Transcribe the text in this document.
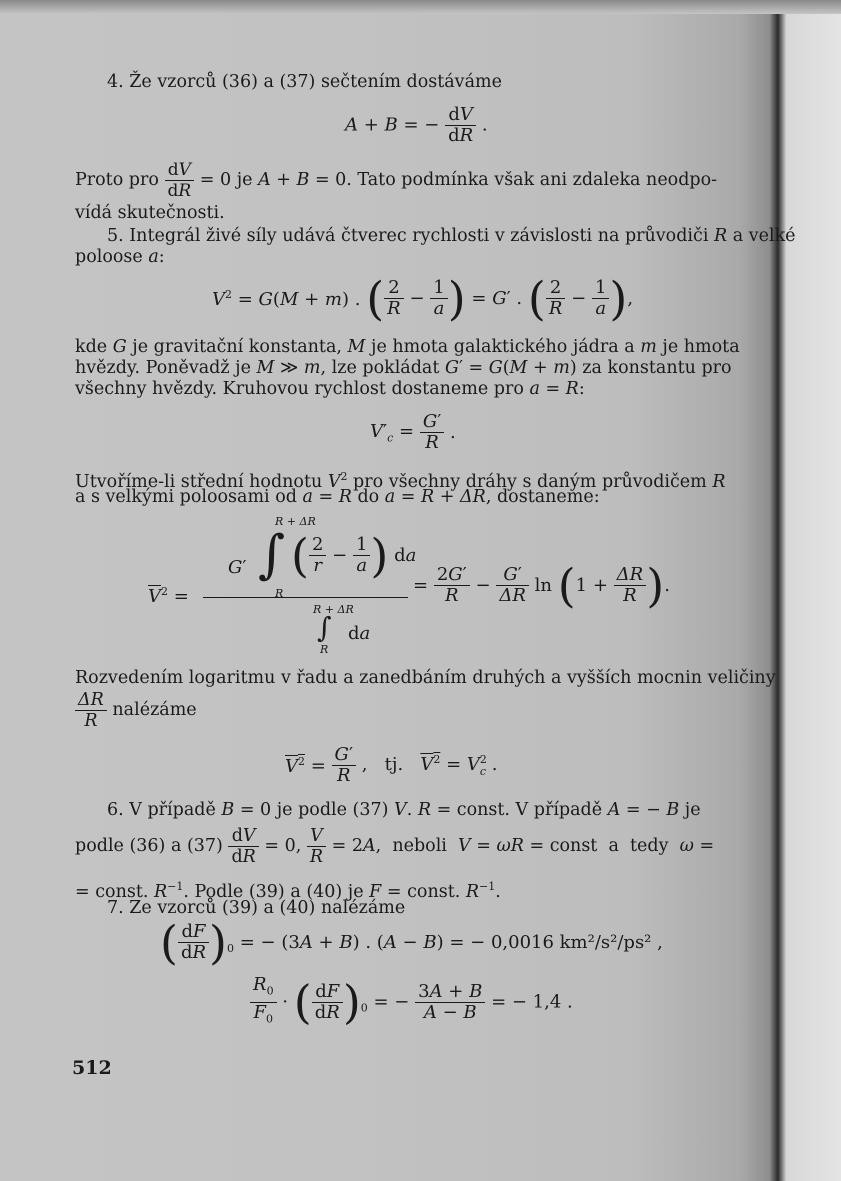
4. Že vzorců (36) a (37) sečtením dostáváme
A + B = − $\frac{dV}{dR}$ .
Proto pro $\frac{dV}{dR} = 0$ je A + B = 0. Tato podmínka však ani zdaleka neodpo-
vídá skutečnosti.
5. Integrál živé síly udává čtverec rychlosti v závislosti na průvodiči R a velké
poloose a:
$V^2 = G(M + m)$ . ( $\frac{2}{R} - \frac{1}{a}$ ) = G′ . ( $\frac{2}{R} - \frac{1}{a}$ ),
kde G je gravitační konstanta, M je hmota galaktického jádra a m je hmota
hvězdy. Poněvadž je M ≫ m, lze pokládat G′ = G(M + m) za konstantu pro
všechny hvězdy. Kruhovou rychlost dostaneme pro a = R:
$V'_c = \frac{G'}{R}$ .
Utvoříme-li střední hodnotu $V^2$ pro všechny dráhy s daným průvodičem R
a s velkými poloosami od a = R do a = R + ΔR, dostaneme:
$\overline{V}^2$ =
R + ΔR
G′ ∫
R
( $\frac{2}{r} - \frac{1}{a}$ ) da
R + ΔR
∫
R
da
= $\frac{2G'}{R} - \frac{G'}{\Delta R}$ $\ln (1 + \frac{\Delta R}{R}$ ).
Rozvedením logaritmu v řadu a zanedbáním druhých a vyšších mocnin veličiny
$\frac{\Delta R}{R}$ nalézáme
$V^2 = \frac{G'}{R}$ ,   tj.   $V^2 = V^2_c$ .
6. V případě B = 0 je podle (37) V. R = const. V případě A = − B je
podle (36) a $(37) \frac{dV}{dR} = 0$, $\frac{V}{R} = 2A$,  neboli  V = ωR = const  a  tedy  ω =
= const. $R^{-1}$. Podle (39) a (40) je F = const. $R^{-1}$.
7. Ze vzorců (39) a (40) nalézáme
( $\frac{dF}{dR} )_0$ = − (3A + B) . (A − B) = − 0,0016 km²/s²/ps² ,
$\frac{R_0}{F_0}$ · ( $\frac{dF}{dR} )_0$ = − $\frac{3A + B}{A - B}$ = − 1,4 .
512
